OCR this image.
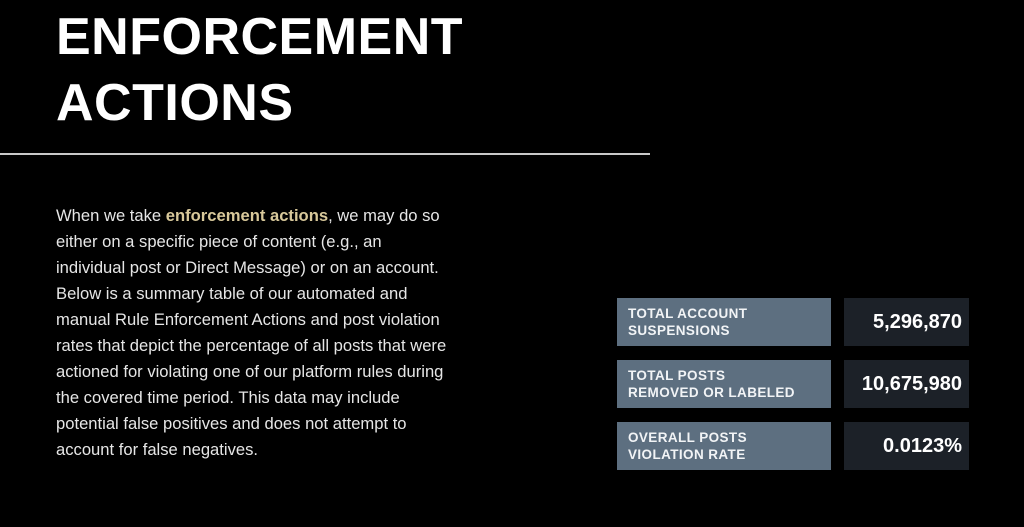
ENFORCEMENT
ACTIONS

When we take enforcement actions, we may do so
either on a specific piece of content (e.g., an
individual post or Direct Message) or on an account.
Below is a summary table of our automated and
manual Rule Enforcement Actions and post violation
rates that depict the percentage of all posts that were
actioned for violating one of our platform rules during
the covered time period. This data may include
potential false positives and does not attempt to
account for false negatives.

TOTAL ACCOUNT
SUSPENSIONS	5,296,870
TOTAL POSTS
REMOVED OR LABELED	10,675,980
OVERALL POSTS
VIOLATION RATE	0.0123%
